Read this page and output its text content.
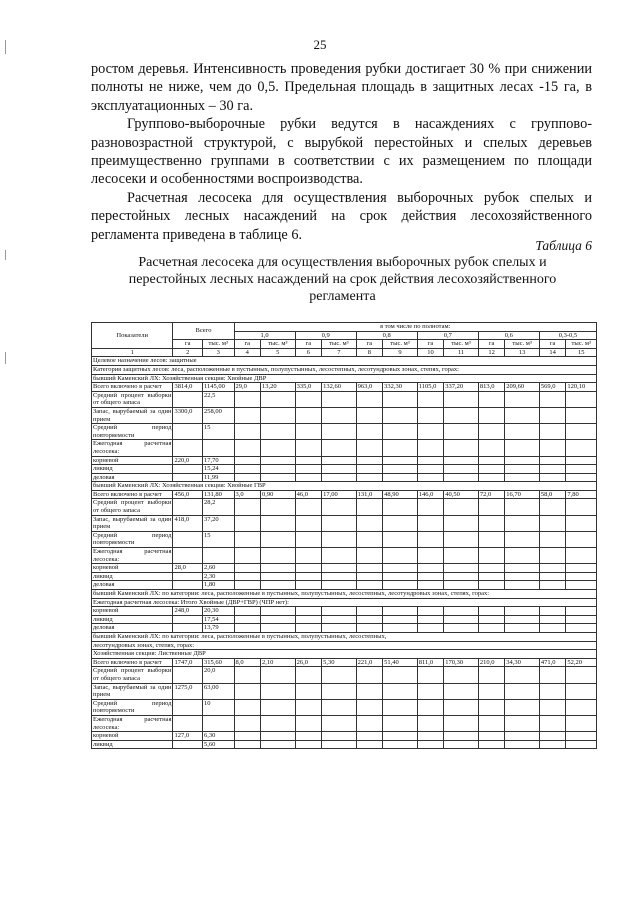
25

ростом деревья. Интенсивность проведения рубки достигает 30 % при снижении полноты не ниже, чем до 0,5. Предельная площадь в защитных лесах -15 га, в эксплуатационных – 30 га.

Группово-выборочные рубки ведутся в насаждениях с группово-разновозрастной структурой, с вырубкой перестойных и спелых деревьев преимущественно группами в соответствии с их размещением по площади лесосеки и особенностями воспроизводства.

Расчетная лесосека для осуществления выборочных рубок спелых и перестойных лесных насаждений на срок действия лесохозяйственного регламента приведена в таблице 6.

Таблица 6
Расчетная лесосека для осуществления выборочных рубок спелых и перестойных лесных насаждений на срок действия лесохозяйственного регламента
Показатели	Всего		в том числе по полнотам:											
			1,0		0,9		0,8		0,7		0,6		0,3-0,5	
	га	тыс. м³	га	тыс. м³	га	тыс. м³	га	тыс. м³	га	тыс. м³	га	тыс. м³	га	тыс. м³
1	2	3	4	5	6	7	8	9	10	11	12	13	14	15
Целевое назначение лесов: защитные														
Категория защитных лесов: леса, расположенные в пустынных, полупустынных, лесостепных, лесотундровых зонах, степях, горах:														
бывший Каменский ЛХ: Хозяйственная секция: Хвойные ДВР														
Всего включено в расчет	3814,0	1145,00	29,0	13,20	335,0	132,60	963,0	332,30	1105,0	337,20	813,0	209,60	569,0	120,10
Средний процент выборки от общего запаса		22,5												
Запас, вырубаемый за один прием	3300,0	258,00												
Средний период повторяемости		15												
Ежегодная расчетная лесосека:														
корневой	220,0	17,70												
ликвид		15,24												
деловая		11,99												
бывший Каменский ЛХ: Хозяйственная секция: Хвойные ГВР														
Всего включено в расчет	456,0	131,80	3,0	0,90	46,0	17,00	131,0	48,90	146,0	40,50	72,0	16,70	58,0	7,80
Средний процент выборки от общего запаса		28,2												
Запас, вырубаемый за один прием	418,0	37,20												
Средний период повторяемости		15												
Ежегодная расчетная лесосека:														
корневой	28,0	2,60												
ликвид		2,30												
деловая		1,80												
бывший Каменский ЛХ: по категории: леса, расположенные в пустынных, полупустынных, лесостепных, лесотундровых зонах, степях, горах:														
Ежегодная расчетная лесосека: Итого Хвойные (ДВР+ГВР) (ЧПР нет):														
корневой	248,0	20,30												
ликвид		17,54												
деловая		13,79												
бывший Каменский ЛХ: по категории: леса, расположенные в пустынных, полупустынных, лесостепных,														
лесотундровых зонах, степях, горах:														
Хозяйственная секция: Лиственные ДВР														
Всего включено в расчет	1747,0	315,60	8,0	2,10	26,0	5,30	221,0	51,40	811,0	170,30	210,0	34,30	471,0	52,20
Средний процент выборки от общего запаса		20,0												
Запас, вырубаемый за один прием	1275,0	63,00												
Средний период повторяемости		10												
Ежегодная расчетная лесосека:														
корневой	127,0	6,30												
ликвид		5,60												
